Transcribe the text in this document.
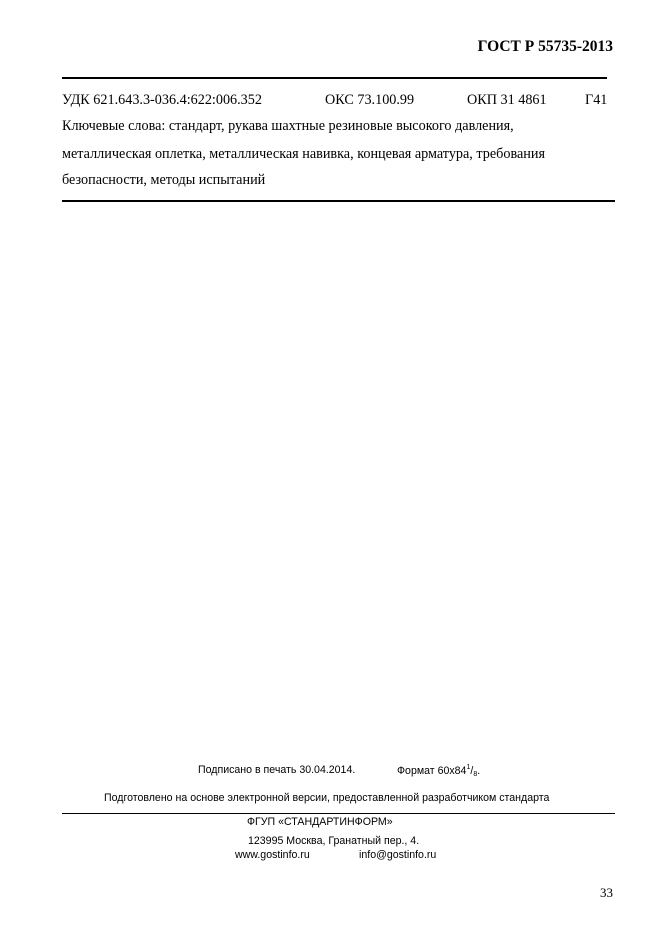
ГОСТ Р 55735-2013
УДК 621.643.3-036.4:622:006.352	ОКС 73.100.99	ОКП 31 4861	Г41
Ключевые слова: стандарт, рукава шахтные резиновые высокого давления,
металлическая оплетка, металлическая навивка, концевая арматура, требования
безопасности, методы испытаний
Подписано в печать 30.04.2014.	Формат $60x84^1/_8$.
Подготовлено на основе электронной версии, предоставленной разработчиком стандарта
ФГУП «СТАНДАРТИНФОРМ»
123995 Москва, Гранатный пер., 4.
www.gostinfo.ru	info@gostinfo.ru
33
